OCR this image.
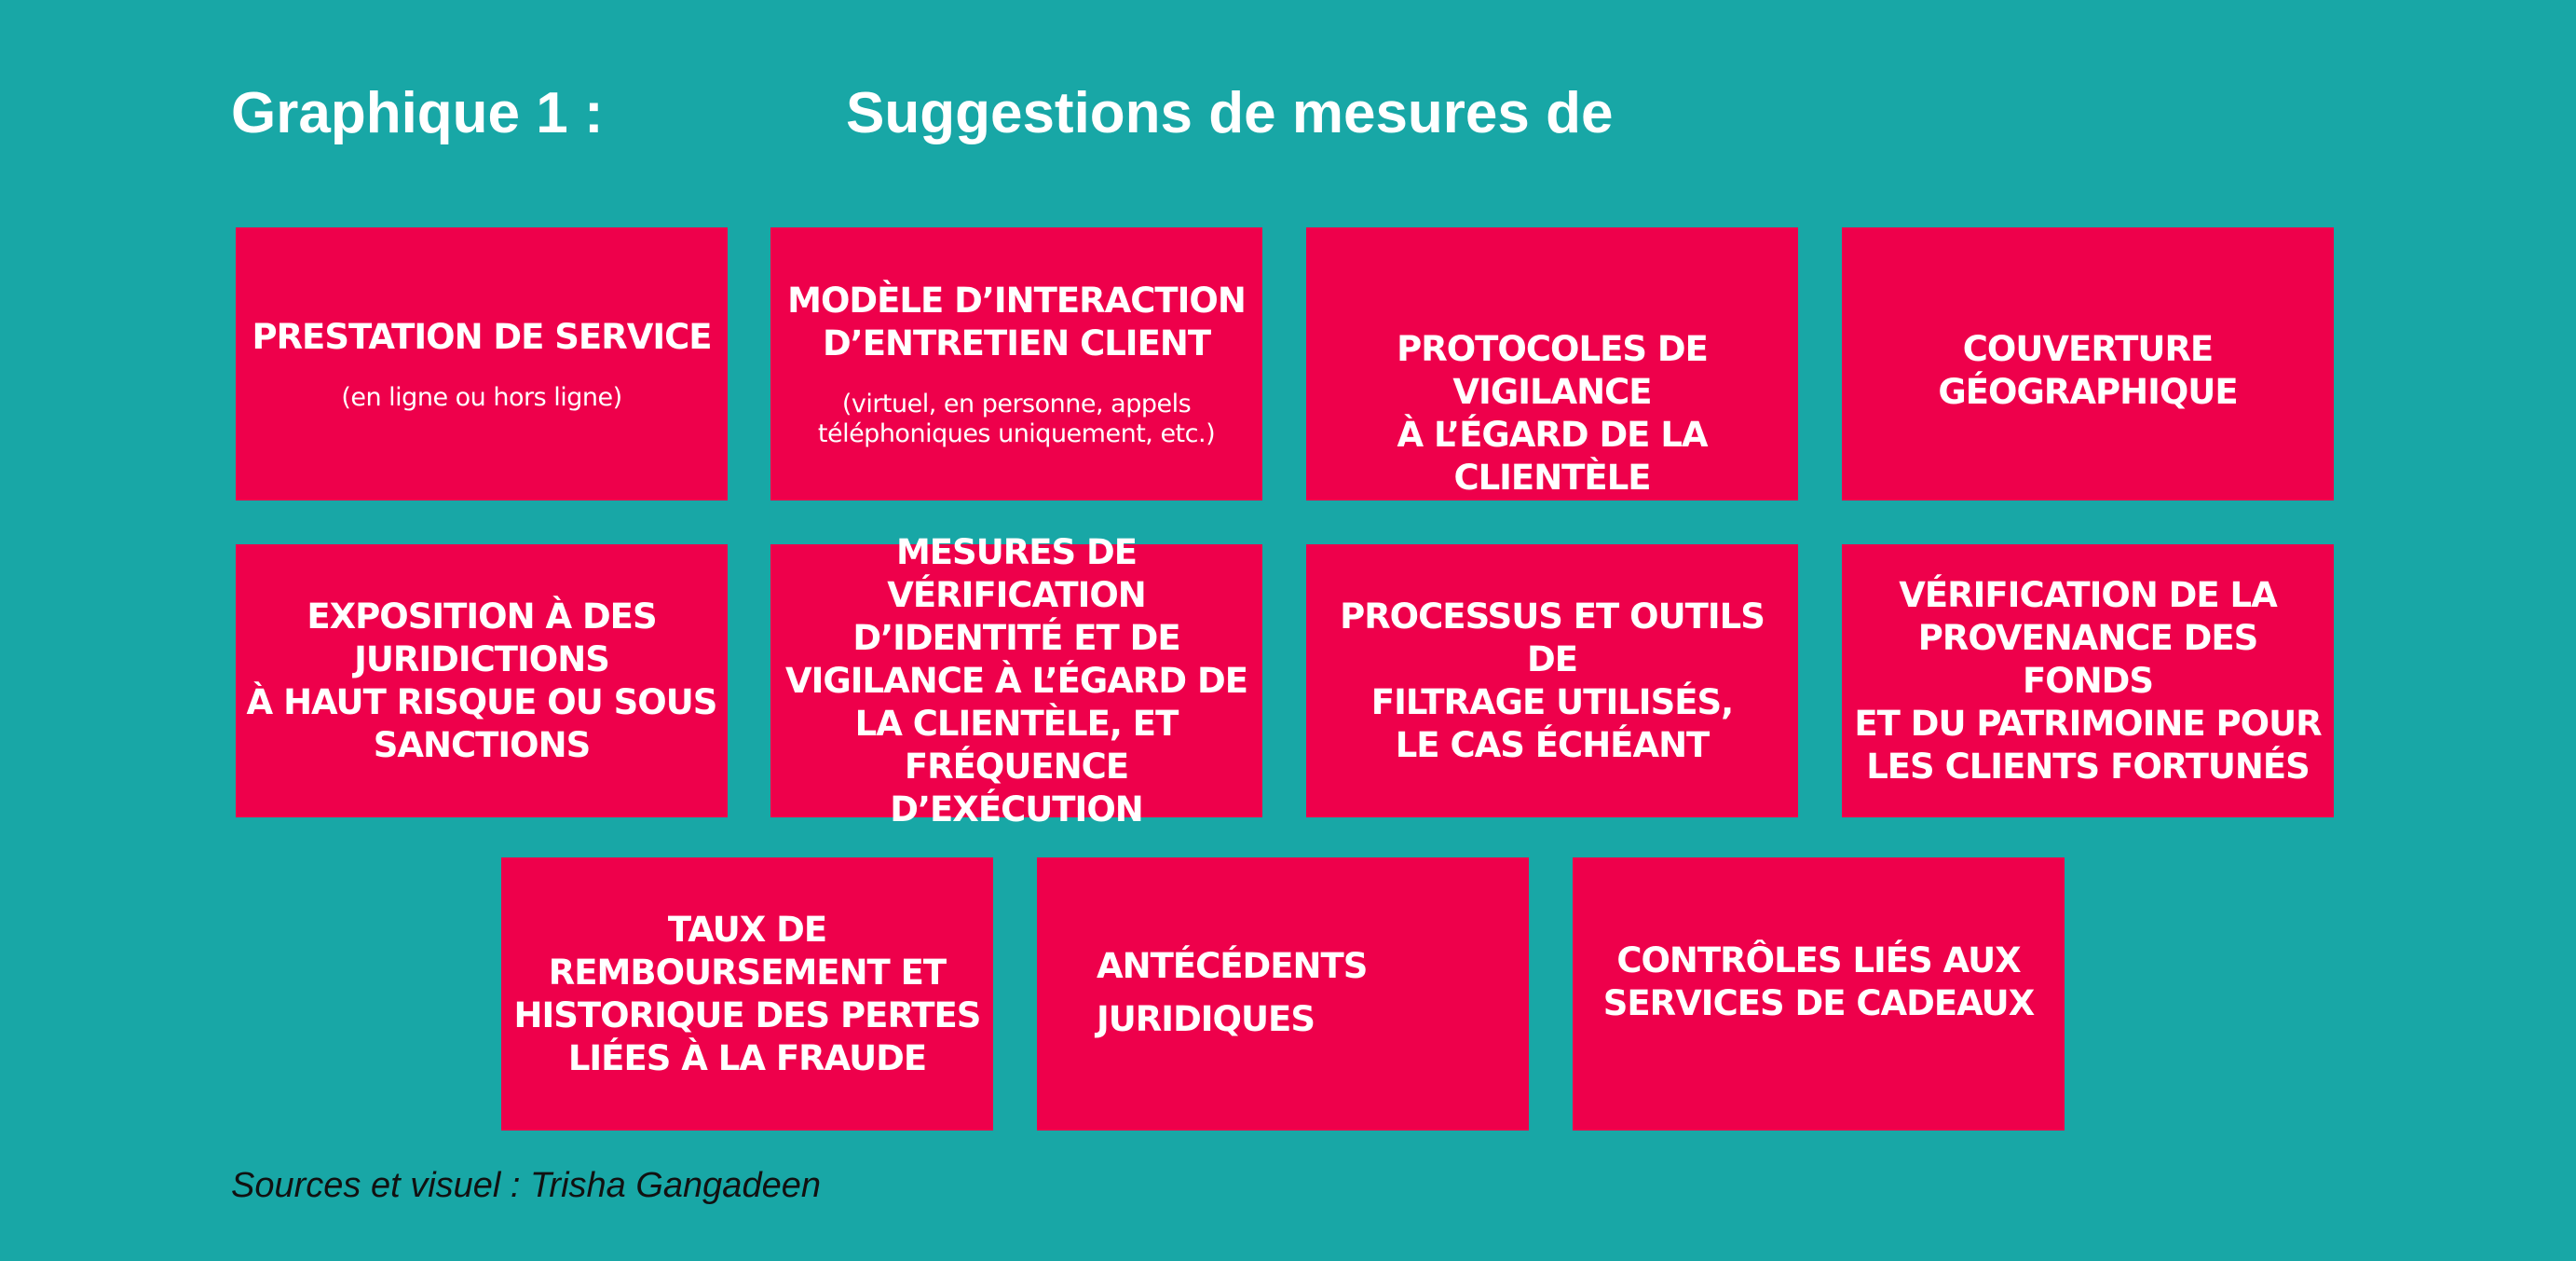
Graphique 1 :	Suggestions de mesures de
PRESTATION DE SERVICE
(en ligne ou hors ligne)
MODÈLE D’INTERACTION
D’ENTRETIEN CLIENT
(virtuel, en personne, appels
téléphoniques uniquement, etc.)
PROTOCOLES DE VIGILANCE
À L’ÉGARD DE LA CLIENTÈLE
COUVERTURE
GÉOGRAPHIQUE
EXPOSITION À DES
JURIDICTIONS
À HAUT RISQUE OU SOUS
SANCTIONS
MESURES DE VÉRIFICATION
D’IDENTITÉ ET DE
VIGILANCE À L’ÉGARD DE
LA CLIENTÈLE, ET
FRÉQUENCE D’EXÉCUTION
PROCESSUS ET OUTILS DE
FILTRAGE UTILISÉS,
LE CAS ÉCHÉANT
VÉRIFICATION DE LA
PROVENANCE DES FONDS
ET DU PATRIMOINE POUR
LES CLIENTS FORTUNÉS
TAUX DE
REMBOURSEMENT ET
HISTORIQUE DES PERTES
LIÉES À LA FRAUDE
ANTÉCÉDENTS
JURIDIQUES
CONTRÔLES LIÉS AUX
SERVICES DE CADEAUX
Sources et visuel : Trisha Gangadeen
